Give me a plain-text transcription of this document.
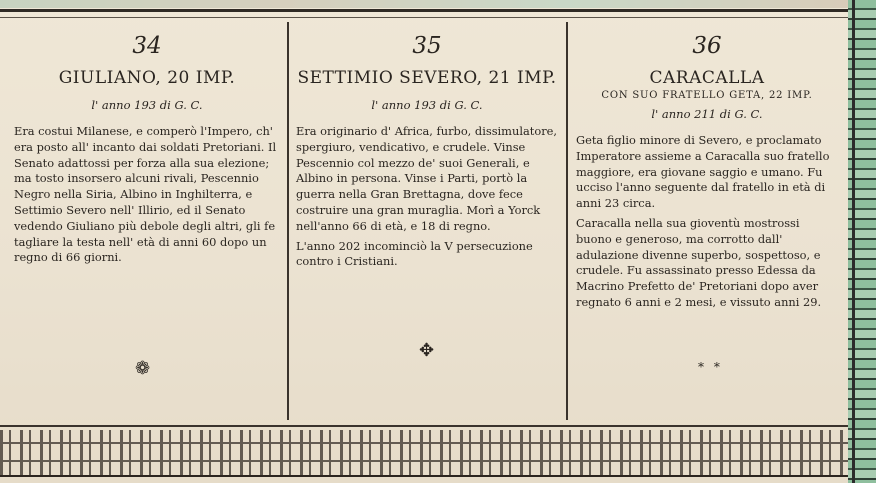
34
GIULIANO, 20 IMP.
l' anno 193 di G. C.

Era costui Milanese, e comperò l'Impero, ch' era posto all' incanto dai soldati Pretoriani. Il Senato adattossi per forza alla sua elezione; ma tosto insorsero alcuni rivali, Pescennio Negro nella Siria, Albino in Inghilterra, e Settimio Severo nell' Illirio, ed il Senato vedendo Giuliano più debole degli altri, gli fe tagliare la testa nell' età di anni 60 dopo un regno di 66 giorni.

35
SETTIMIO SEVERO, 21 IMP.
l' anno 193 di G. C.

Era originario d' Africa, furbo, dissimulatore, spergiuro, vendicativo, e crudele. Vinse Pescennio col mezzo de' suoi Generali, e Albino in persona. Vinse i Parti, portò la guerra nella Gran Brettagna, dove fece costruire una gran muraglia. Morì a Yorck nell'anno 66 di età, e 18 di regno.

L'anno 202 incominciò la V persecuzione contro i Cristiani.

36
CARACALLA
CON SUO FRATELLO GETA, 22 IMP.
l' anno 211 di G. C.

Geta figlio minore di Severo, e proclamato Imperatore assieme a Caracalla suo fratello maggiore, era giovane saggio e umano. Fu ucciso l'anno seguente dal fratello in età di anni 23 circa.

Caracalla nella sua gioventù mostrossi buono e generoso, ma corrotto dall' adulazione divenne superbo, sospettoso, e crudele. Fu assassinato presso Edessa da Macrino Prefetto de' Pretoriani dopo aver regnato 6 anni e 2 mesi, e vissuto anni 29.

❁
✥
* *
